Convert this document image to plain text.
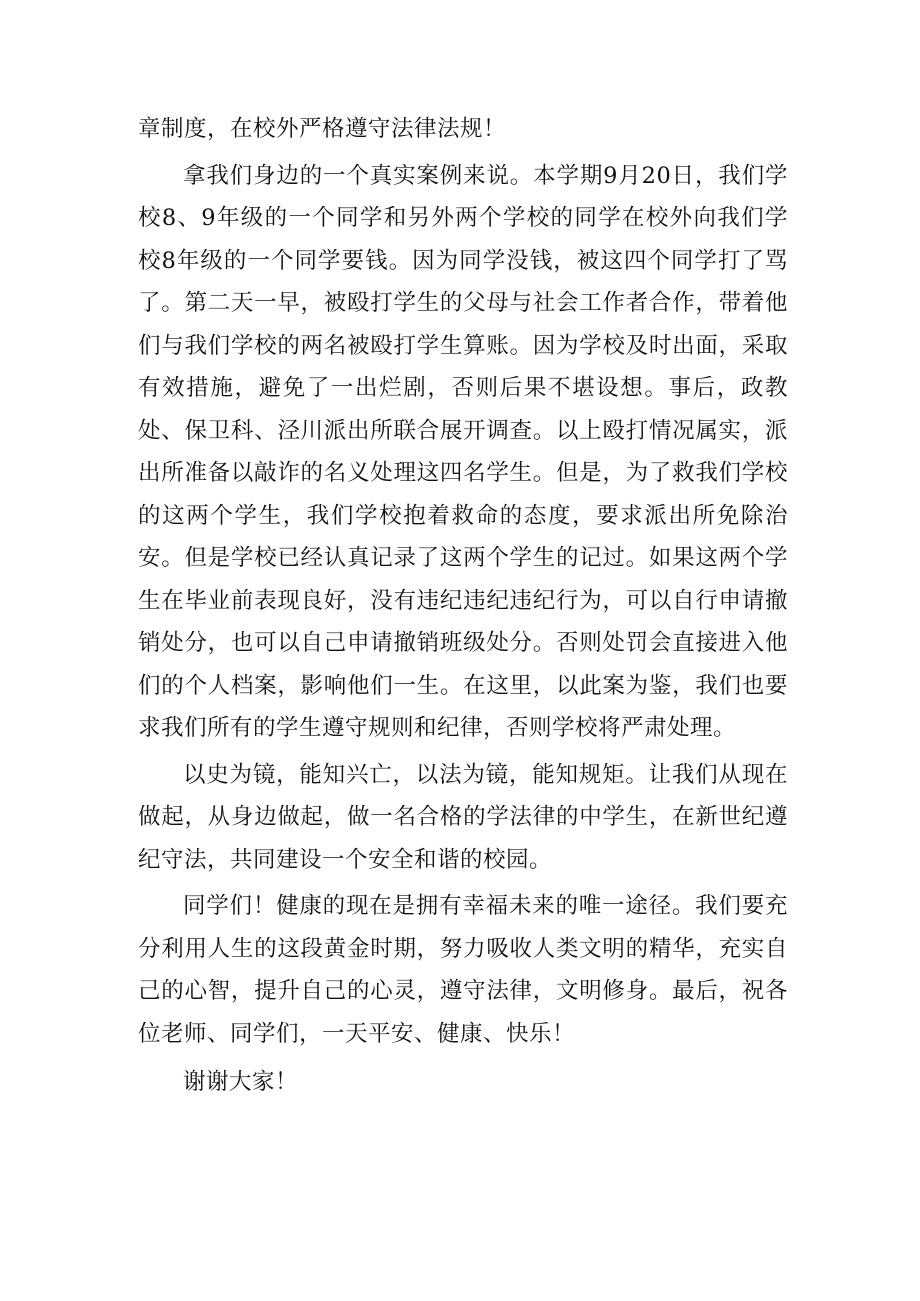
章制度，在校外严格遵守法律法规！

拿我们身边的一个真实案例来说。本学期9月20日，我们学校8、9年级的一个同学和另外两个学校的同学在校外向我们学校8年级的一个同学要钱。因为同学没钱，被这四个同学打了骂了。第二天一早，被殴打学生的父母与社会工作者合作，带着他们与我们学校的两名被殴打学生算账。因为学校及时出面，采取有效措施，避免了一出烂剧，否则后果不堪设想。事后，政教处、保卫科、泾川派出所联合展开调查。以上殴打情况属实，派出所准备以敲诈的名义处理这四名学生。但是，为了救我们学校的这两个学生，我们学校抱着救命的态度，要求派出所免除治安。但是学校已经认真记录了这两个学生的记过。如果这两个学生在毕业前表现良好，没有违纪违纪违纪行为，可以自行申请撤销处分，也可以自己申请撤销班级处分。否则处罚会直接进入他们的个人档案，影响他们一生。在这里，以此案为鉴，我们也要求我们所有的学生遵守规则和纪律，否则学校将严肃处理。

以史为镜，能知兴亡，以法为镜，能知规矩。让我们从现在做起，从身边做起，做一名合格的学法律的中学生，在新世纪遵纪守法，共同建设一个安全和谐的校园。

同学们！健康的现在是拥有幸福未来的唯一途径。我们要充分利用人生的这段黄金时期，努力吸收人类文明的精华，充实自己的心智，提升自己的心灵，遵守法律，文明修身。最后，祝各位老师、同学们，一天平安、健康、快乐！

谢谢大家！
